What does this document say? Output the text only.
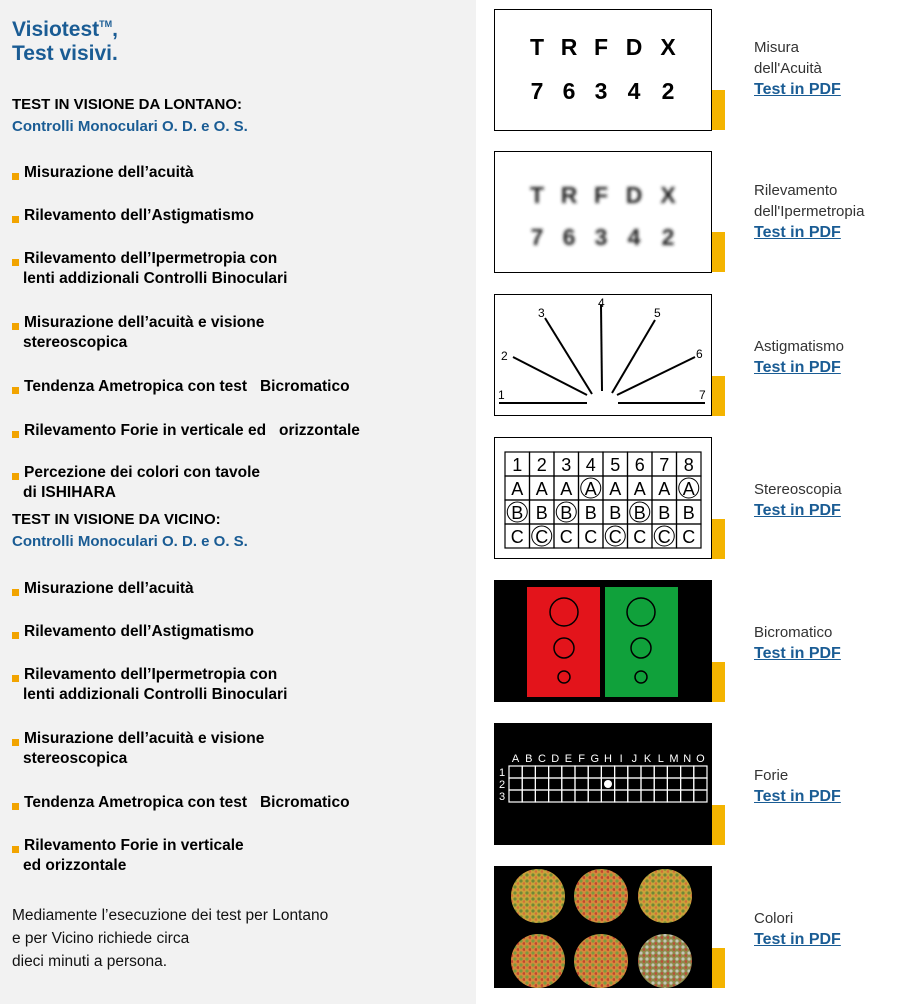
Visiotest™,
Test visivi.
TEST IN VISIONE DA LONTANO:
Controlli Monoculari O. D. e O. S.
Misurazione dell’acuità
Rilevamento dell’Astigmatismo
Rilevamento dell’Ipermetropia con
lenti addizionali Controlli Binoculari
Misurazione dell’acuità e visione
stereoscopica
Tendenza Ametropica con test   Bicromatico
Rilevamento Forie in verticale ed   orizzontale
Percezione dei colori con tavole
di ISHIHARA
TEST IN VISIONE DA VICINO:
Controlli Monoculari O. D. e O. S.
Misurazione dell’acuità
Rilevamento dell’Astigmatismo
Rilevamento dell’Ipermetropia con
lenti addizionali Controlli Binoculari
Misurazione dell’acuità e visione
stereoscopica
Tendenza Ametropica con test   Bicromatico
Rilevamento Forie in verticale
ed orizzontale
Mediamente l’esecuzione dei test per Lontano
e per Vicino richiede circa
dieci minuti a persona.
T R F D X
7 6 3 4 2
Misura
dell'Acuità
Test in PDF
T R F D X
7 6 3 4 2
Rilevamento
dell'Ipermetropia
Test in PDF
1
2
3
4
5
6
7
Astigmatismo
Test in PDF
1 2 3 4 5 6 7 8
A A A A A A A A
B B B B B B B B
C C C C C C C C
Stereoscopia
Test in PDF
Bicromatico
Test in PDF
A B C D E F G H I J K L M N O
1
2
3
Forie
Test in PDF
Colori
Test in PDF
